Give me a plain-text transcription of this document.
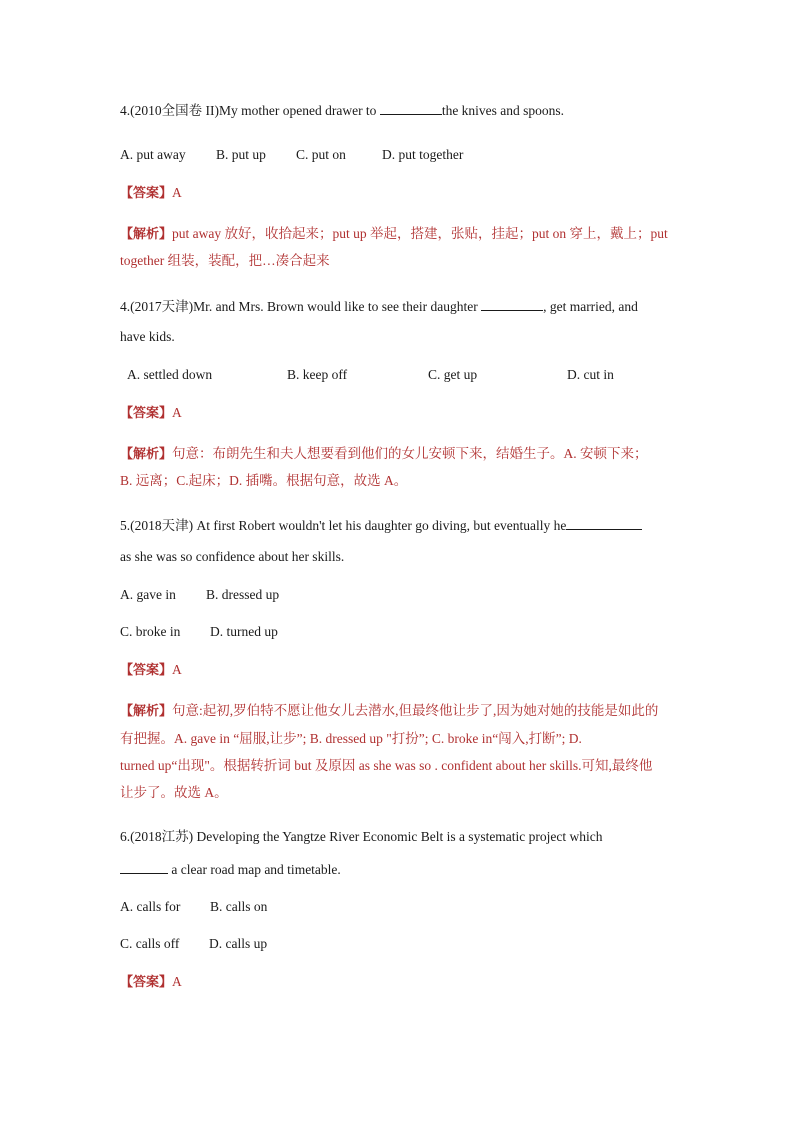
4.(2010全国卷 II)My mother opened drawer to	the knives and spoons.
A. put away B. put up C. put on	D. put together
【答案】A
【解析】put away 放好，收拾起来；put up 举起，搭建，张贴，挂起；put on 穿上，戴上；put
together 组装，装配，把…凑合起来
4.(2017天津)Mr. and Mrs. Brown would like to see their daughter	, get married, and
have kids.
A. settled down	B. keep off	C. get up	D. cut in
【答案】A
【解析】句意：布朗先生和夫人想要看到他们的女儿安顿下来，结婚生子。A. 安顿下来；
B. 远离；C.起床；D. 插嘴。根据句意，故选 A。
5.(2018天津) At first Robert wouldn't let his daughter go diving, but eventually he
as she was so confidence about her skills.
A. gave in B. dressed up
C. broke in D. turned up
【答案】A
【解析】句意:起初,罗伯特不愿让他女儿去潜水,但最终他让步了,因为她对她的技能是如此的
有把握。A. gave in “屈服,让步”; B. dressed up "打扮”; C. broke in“闯入,打断”; D.
turned up“出现"。根据转折词 but 及原因 as she was so . confident about her skills.可知,最终他
让步了。故选 A。
6.(2018江苏) Developing the Yangtze River Economic Belt is a systematic project which
a clear road map and timetable.
A. calls for B. calls on
C. calls off D. calls up
【答案】A
